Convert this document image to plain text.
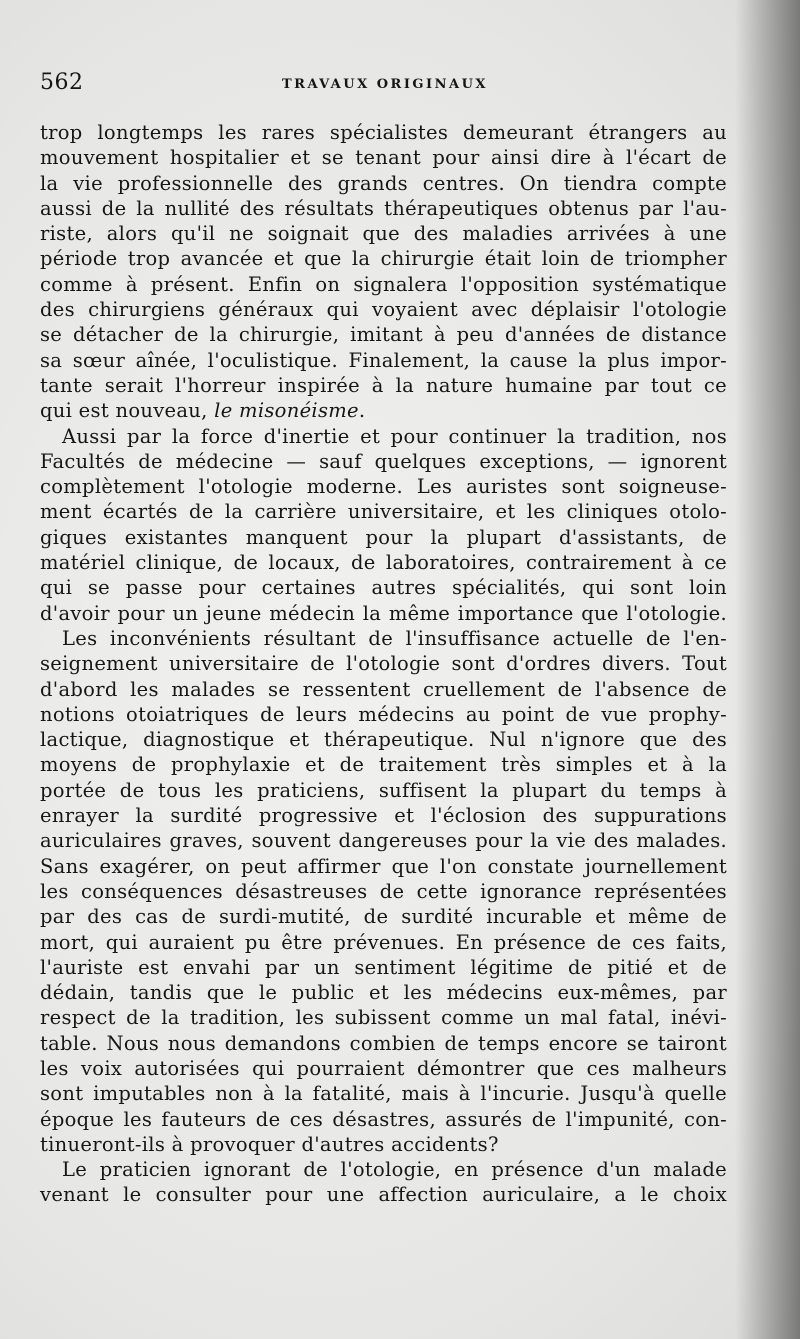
562	TRAVAUX ORIGINAUX
trop longtemps les rares spécialistes demeurant étrangers au
mouvement hospitalier et se tenant pour ainsi dire à l'écart de
la vie professionnelle des grands centres. On tiendra compte
aussi de la nullité des résultats thérapeutiques obtenus par l'au-
riste, alors qu'il ne soignait que des maladies arrivées à une
période trop avancée et que la chirurgie était loin de triompher
comme à présent. Enfin on signalera l'opposition systématique
des chirurgiens généraux qui voyaient avec déplaisir l'otologie
se détacher de la chirurgie, imitant à peu d'années de distance
sa sœur aînée, l'oculistique. Finalement, la cause la plus impor-
tante serait l'horreur inspirée à la nature humaine par tout ce
qui est nouveau, le misonéisme.
Aussi par la force d'inertie et pour continuer la tradition, nos
Facultés de médecine — sauf quelques exceptions, — ignorent
complètement l'otologie moderne. Les auristes sont soigneuse-
ment écartés de la carrière universitaire, et les cliniques otolo-
giques existantes manquent pour la plupart d'assistants, de
matériel clinique, de locaux, de laboratoires, contrairement à ce
qui se passe pour certaines autres spécialités, qui sont loin
d'avoir pour un jeune médecin la même importance que l'otologie.
Les inconvénients résultant de l'insuffisance actuelle de l'en-
seignement universitaire de l'otologie sont d'ordres divers. Tout
d'abord les malades se ressentent cruellement de l'absence de
notions otoiatriques de leurs médecins au point de vue prophy-
lactique, diagnostique et thérapeutique. Nul n'ignore que des
moyens de prophylaxie et de traitement très simples et à la
portée de tous les praticiens, suffisent la plupart du temps à
enrayer la surdité progressive et l'éclosion des suppurations
auriculaires graves, souvent dangereuses pour la vie des malades.
Sans exagérer, on peut affirmer que l'on constate journellement
les conséquences désastreuses de cette ignorance représentées
par des cas de surdi-mutité, de surdité incurable et même de
mort, qui auraient pu être prévenues. En présence de ces faits,
l'auriste est envahi par un sentiment légitime de pitié et de
dédain, tandis que le public et les médecins eux-mêmes, par
respect de la tradition, les subissent comme un mal fatal, inévi-
table. Nous nous demandons combien de temps encore se tairont
les voix autorisées qui pourraient démontrer que ces malheurs
sont imputables non à la fatalité, mais à l'incurie. Jusqu'à quelle
époque les fauteurs de ces désastres, assurés de l'impunité, con-
tinueront-ils à provoquer d'autres accidents?
Le praticien ignorant de l'otologie, en présence d'un malade
venant le consulter pour une affection auriculaire, a le choix
